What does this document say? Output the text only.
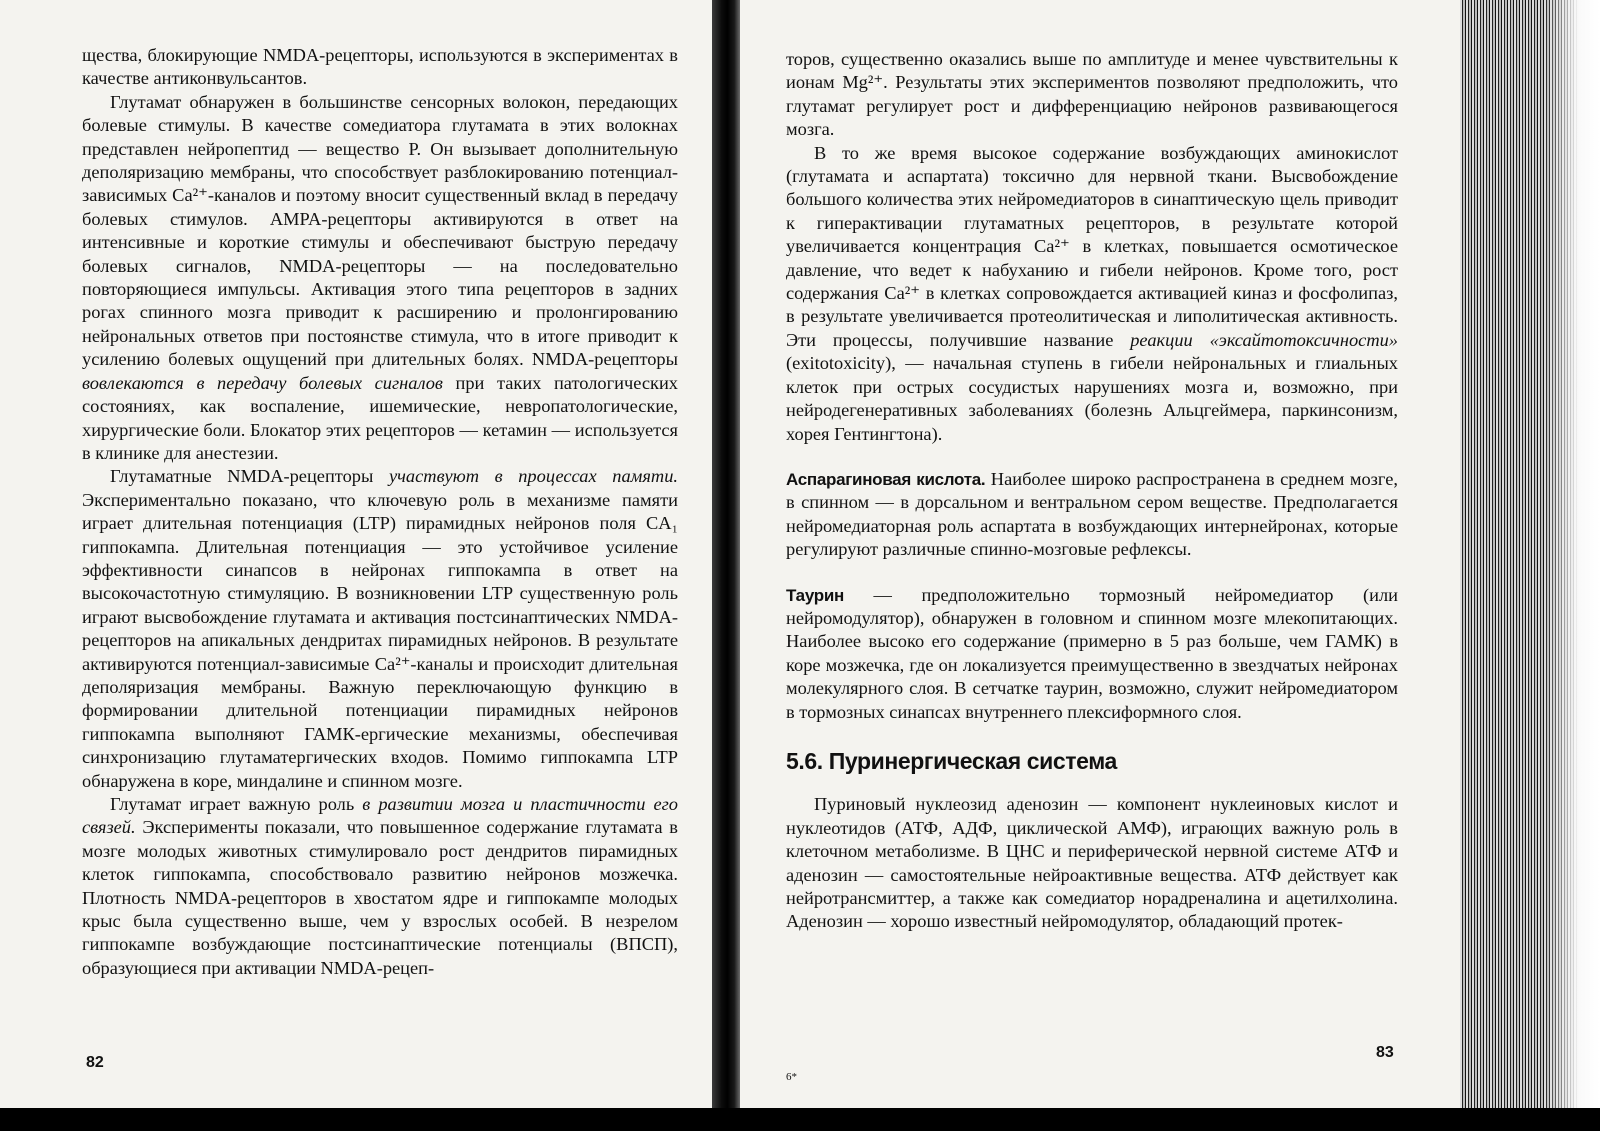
щества, блокирующие NMDA-рецепторы, используются в экспериментах в качестве антиконвульсантов.

Глутамат обнаружен в большинстве сенсорных волокон, передающих болевые стимулы. В качестве сомедиатора глутамата в этих волокнах представлен нейропептид — вещество Р. Он вызывает дополнительную деполяризацию мембраны, что способствует разблокированию потенциал-зависимых Ca²⁺-каналов и поэтому вносит существенный вклад в передачу болевых стимулов. AMPA-рецепторы активируются в ответ на интенсивные и короткие стимулы и обеспечивают быструю передачу болевых сигналов, NMDA-рецепторы — на последовательно повторяющиеся импульсы. Активация этого типа рецепторов в задних рогах спинного мозга приводит к расширению и пролонгированию нейрональных ответов при постоянстве стимула, что в итоге приводит к усилению болевых ощущений при длительных болях. NMDA-рецепторы вовлекаются в передачу болевых сигналов при таких патологических состояниях, как воспаление, ишемические, невропатологические, хирургические боли. Блокатор этих рецепторов — кетамин — используется в клинике для анестезии.

Глутаматные NMDA-рецепторы участвуют в процессах памяти. Экспериментально показано, что ключевую роль в механизме памяти играет длительная потенциация (LTP) пирамидных нейронов поля CA₁ гиппокампа. Длительная потенциация — это устойчивое усиление эффективности синапсов в нейронах гиппокампа в ответ на высокочастотную стимуляцию. В возникновении LTP существенную роль играют высвобождение глутамата и активация постсинаптических NMDA-рецепторов на апикальных дендритах пирамидных нейронов. В результате активируются потенциал-зависимые Ca²⁺-каналы и происходит длительная деполяризация мембраны. Важную переключающую функцию в формировании длительной потенциации пирамидных нейронов гиппокампа выполняют ГАМК-ергические механизмы, обеспечивая синхронизацию глутаматергических входов. Помимо гиппокампа LTP обнаружена в коре, миндалине и спинном мозге.

Глутамат играет важную роль в развитии мозга и пластичности его связей. Эксперименты показали, что повышенное содержание глутамата в мозге молодых животных стимулировало рост дендритов пирамидных клеток гиппокампа, способствовало развитию нейронов мозжечка. Плотность NMDA-рецепторов в хвостатом ядре и гиппокампе молодых крыс была существенно выше, чем у взрослых особей. В незрелом гиппокампе возбуждающие постсинаптические потенциалы (ВПСП), образующиеся при активации NMDA-рецеп-

82

торов, существенно оказались выше по амплитуде и менее чувствительны к ионам Mg²⁺. Результаты этих экспериментов позволяют предположить, что глутамат регулирует рост и дифференциацию нейронов развивающегося мозга.

В то же время высокое содержание возбуждающих аминокислот (глутамата и аспартата) токсично для нервной ткани. Высвобождение большого количества этих нейромедиаторов в синаптическую щель приводит к гиперактивации глутаматных рецепторов, в результате которой увеличивается концентрация Ca²⁺ в клетках, повышается осмотическое давление, что ведет к набуханию и гибели нейронов. Кроме того, рост содержания Ca²⁺ в клетках сопровождается активацией киназ и фосфолипаз, в результате увеличивается протеолитическая и липолитическая активность. Эти процессы, получившие название реакции «эксайтотоксичности» (exitotoxicity), — начальная ступень в гибели нейрональных и глиальных клеток при острых сосудистых нарушениях мозга и, возможно, при нейродегенеративных заболеваниях (болезнь Альцгеймера, паркинсонизм, хорея Гентингтона).

Аспарагиновая кислота. Наиболее широко распространена в среднем мозге, в спинном — в дорсальном и вентральном сером веществе. Предполагается нейромедиаторная роль аспартата в возбуждающих интернейронах, которые регулируют различные спинно-мозговые рефлексы.

Таурин — предположительно тормозный нейромедиатор (или нейромодулятор), обнаружен в головном и спинном мозге млекопитающих. Наиболее высоко его содержание (примерно в 5 раз больше, чем ГАМК) в коре мозжечка, где он локализуется преимущественно в звездчатых нейронах молекулярного слоя. В сетчатке таурин, возможно, служит нейромедиатором в тормозных синапсах внутреннего плексиформного слоя.

5.6. Пуринергическая система

Пуриновый нуклеозид аденозин — компонент нуклеиновых кислот и нуклеотидов (АТФ, АДФ, циклической АМФ), играющих важную роль в клеточном метаболизме. В ЦНС и периферической нервной системе АТФ и аденозин — самостоятельные нейроактивные вещества. АТФ действует как нейротрансмиттер, а также как сомедиатор норадреналина и ацетилхолина. Аденозин — хорошо известный нейромодулятор, обладающий протек-

83
6*
